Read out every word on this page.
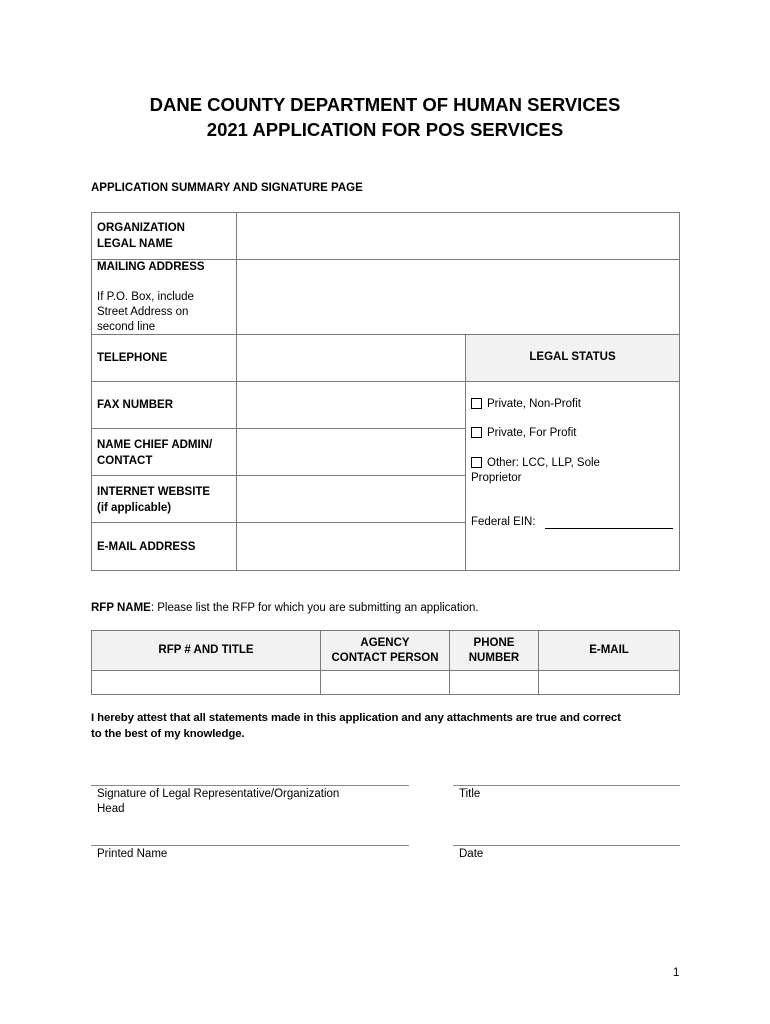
DANE COUNTY DEPARTMENT OF HUMAN SERVICES
2021 APPLICATION FOR POS SERVICES
APPLICATION SUMMARY AND SIGNATURE PAGE
ORGANIZATION
LEGAL NAME
MAILING ADDRESS
If P.O. Box, include
Street Address on
second line
TELEPHONE
FAX NUMBER
NAME CHIEF ADMIN/
CONTACT
INTERNET WEBSITE
(if applicable)
E-MAIL ADDRESS
LEGAL STATUS
Private, Non-Profit
Private, For Profit
Other: LCC, LLP, Sole
Proprietor
Federal EIN:
RFP NAME: Please list the RFP for which you are submitting an application.
RFP # AND TITLE
AGENCY
CONTACT PERSON
PHONE
NUMBER
E-MAIL
I hereby attest that all statements made in this application and any attachments are true and correct
to the best of my knowledge.
Signature of Legal Representative/Organization
Head
Title
Printed Name	Date
1
